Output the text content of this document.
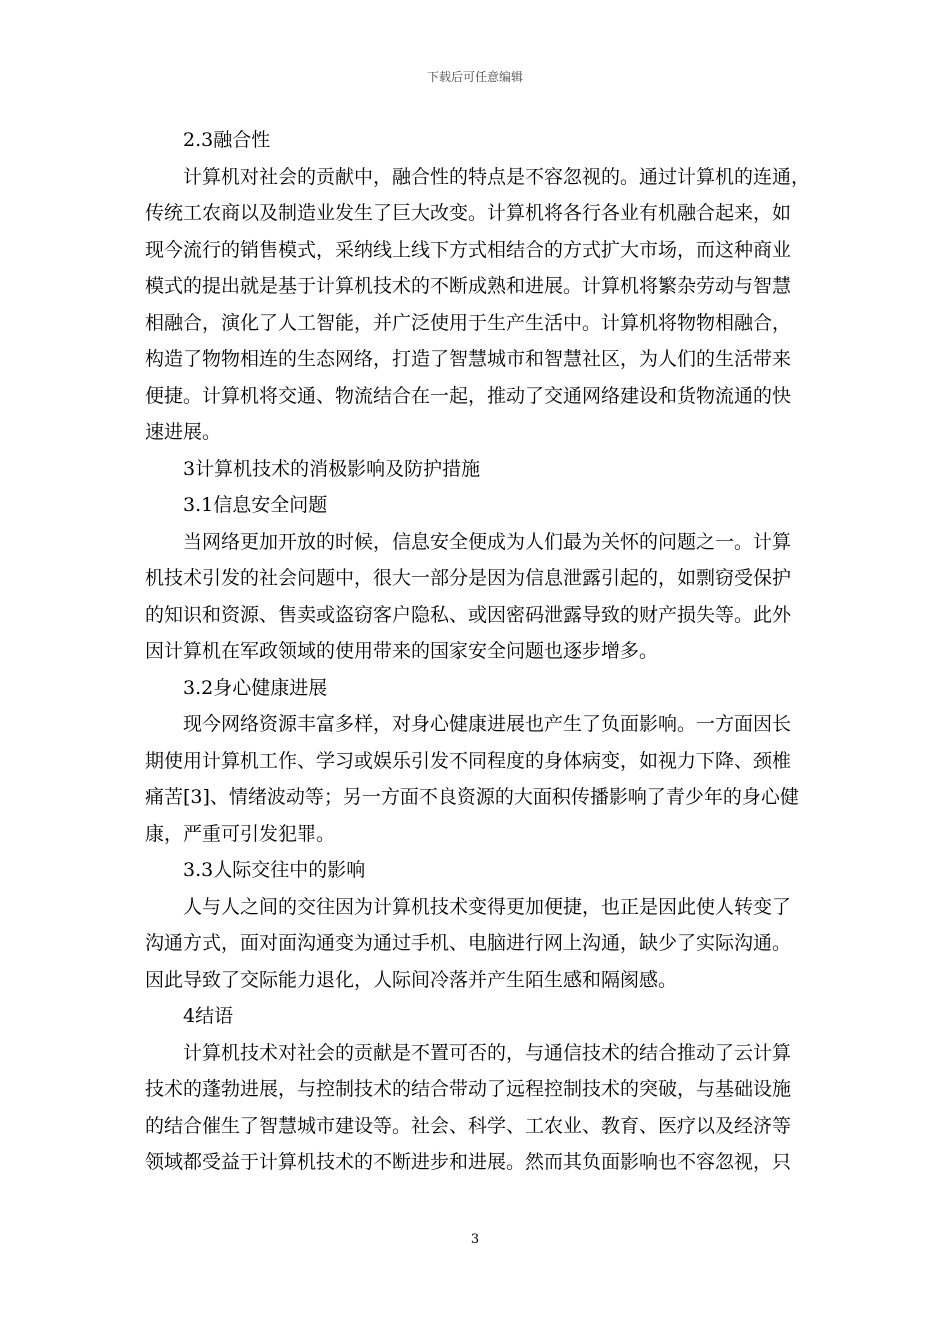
下载后可任意编辑
2.3融合性
计算机对社会的贡献中，融合性的特点是不容忽视的。通过计算机的连通，
传统工农商以及制造业发生了巨大改变。计算机将各行各业有机融合起来，如
现今流行的销售模式，采纳线上线下方式相结合的方式扩大市场，而这种商业
模式的提出就是基于计算机技术的不断成熟和进展。计算机将繁杂劳动与智慧
相融合，演化了人工智能，并广泛使用于生产生活中。计算机将物物相融合，
构造了物物相连的生态网络，打造了智慧城市和智慧社区，为人们的生活带来
便捷。计算机将交通、物流结合在一起，推动了交通网络建设和货物流通的快
速进展。
3计算机技术的消极影响及防护措施
3.1信息安全问题
当网络更加开放的时候，信息安全便成为人们最为关怀的问题之一。计算
机技术引发的社会问题中，很大一部分是因为信息泄露引起的，如剽窃受保护
的知识和资源、售卖或盗窃客户隐私、或因密码泄露导致的财产损失等。此外
因计算机在军政领域的使用带来的国家安全问题也逐步增多。
3.2身心健康进展
现今网络资源丰富多样，对身心健康进展也产生了负面影响。一方面因长
期使用计算机工作、学习或娱乐引发不同程度的身体病变，如视力下降、颈椎
痛苦[3]、情绪波动等；另一方面不良资源的大面积传播影响了青少年的身心健
康，严重可引发犯罪。
3.3人际交往中的影响
人与人之间的交往因为计算机技术变得更加便捷，也正是因此使人转变了
沟通方式，面对面沟通变为通过手机、电脑进行网上沟通，缺少了实际沟通。
因此导致了交际能力退化，人际间冷落并产生陌生感和隔阂感。
4结语
计算机技术对社会的贡献是不置可否的，与通信技术的结合推动了云计算
技术的蓬勃进展，与控制技术的结合带动了远程控制技术的突破，与基础设施
的结合催生了智慧城市建设等。社会、科学、工农业、教育、医疗以及经济等
领域都受益于计算机技术的不断进步和进展。然而其负面影响也不容忽视，只
3
